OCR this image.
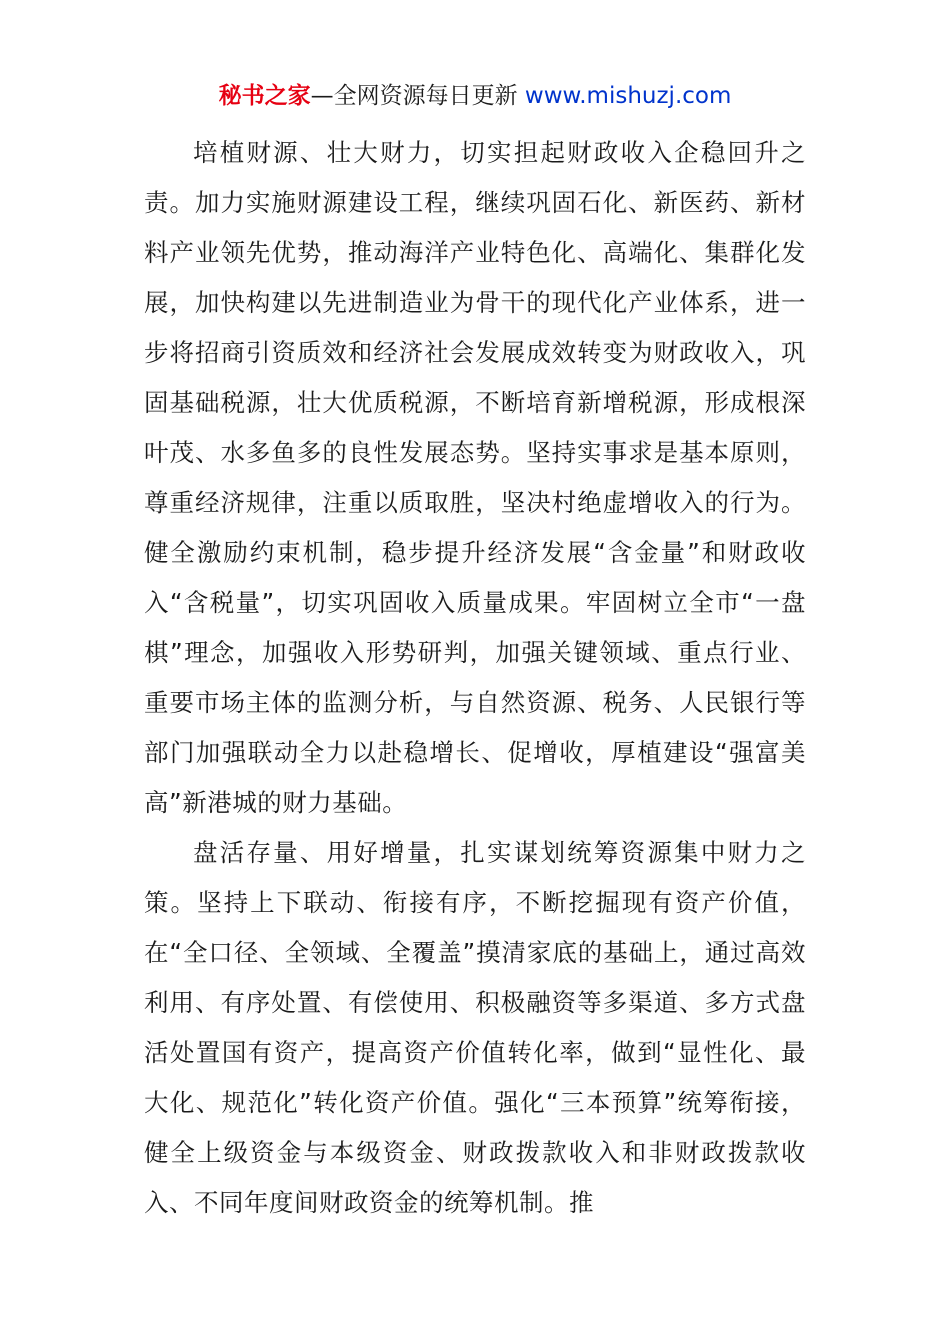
秘书之家—全网资源每日更新 www.mishuzj.com

培植财源、壮大财力，切实担起财政收入企稳回升之责。加力实施财源建设工程，继续巩固石化、新医药、新材料产业领先优势，推动海洋产业特色化、高端化、集群化发展，加快构建以先进制造业为骨干的现代化产业体系，进一步将招商引资质效和经济社会发展成效转变为财政收入，巩固基础税源，壮大优质税源，不断培育新增税源，形成根深叶茂、水多鱼多的良性发展态势。坚持实事求是基本原则，尊重经济规律，注重以质取胜，坚决村绝虚增收入的行为。健全激励约束机制，稳步提升经济发展“含金量”和财政收入“含税量”，切实巩固收入质量成果。牢固树立全市“一盘棋”理念，加强收入形势研判，加强关键领域、重点行业、重要市场主体的监测分析，与自然资源、税务、人民银行等部门加强联动全力以赴稳增长、促增收，厚植建设“强富美高”新港城的财力基础。

盘活存量、用好增量，扎实谋划统筹资源集中财力之策。坚持上下联动、衔接有序，不断挖掘现有资产价值，在“全口径、全领域、全覆盖”摸清家底的基础上，通过高效利用、有序处置、有偿使用、积极融资等多渠道、多方式盘活处置国有资产，提高资产价值转化率，做到“显性化、最大化、规范化”转化资产价值。强化“三本预算”统筹衔接，健全上级资金与本级资金、财政拨款收入和非财政拨款收入、不同年度间财政资金的统筹机制。推
